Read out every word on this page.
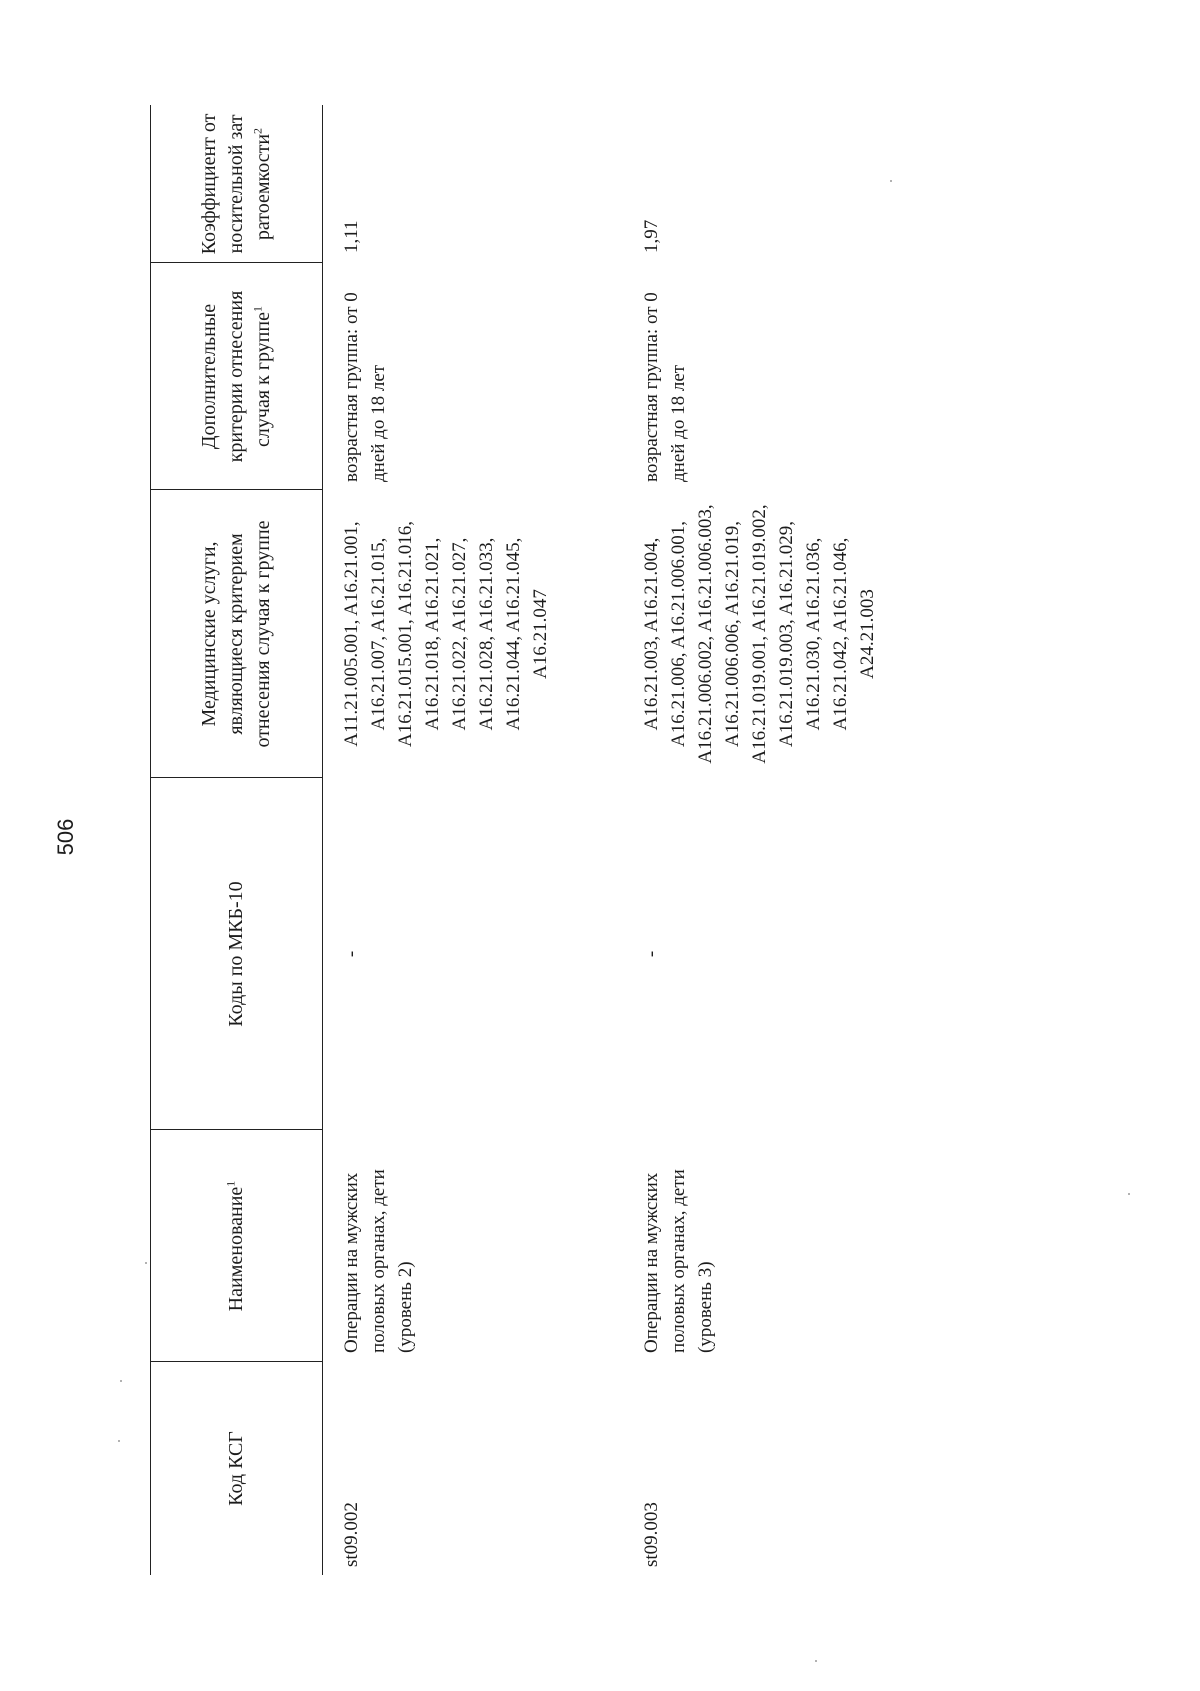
506
Код КСГ
Наименование$^1$
Коды по МКБ-10
Медицинские услуги, являющиеся критерием отнесения случая к группе
Дополнительные критерии отнесения случая к группе$^1$
Коэффициент относительной затратоемкости$^2$
st09.002
Операции на мужских половых органах, дети (уровень 2)
-
A11.21.005.001, A16.21.001, A16.21.007, A16.21.015, A16.21.015.001, A16.21.016, A16.21.018, A16.21.021, A16.21.022, A16.21.027, A16.21.028, A16.21.033, A16.21.044, A16.21.045, A16.21.047
возрастная группа: от 0 дней до 18 лет
1,11
st09.003
Операции на мужских половых органах, дети (уровень 3)
-
A16.21.003, A16.21.004, A16.21.006, A16.21.006.001, A16.21.006.002, A16.21.006.003, A16.21.006.006, A16.21.019, A16.21.019.001, A16.21.019.002, A16.21.019.003, A16.21.029, A16.21.030, A16.21.036, A16.21.042, A16.21.046, A24.21.003
возрастная группа: от 0 дней до 18 лет
1,97
